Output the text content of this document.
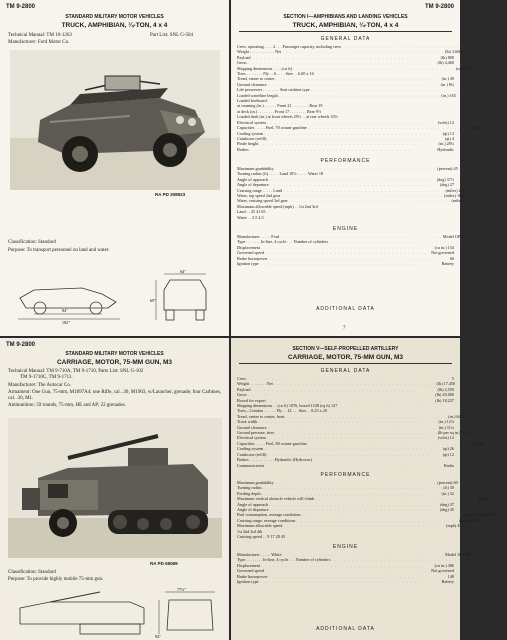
TM 9-2800
STANDARD MILITARY MOTOR VEHICLES
TRUCK, AMPHIBIAN, ¼-TON, 4 x 4
Technical Manual: TM 10-1263	Part List: SNL G-504
Manufacturer: Ford Motor Co.
RA PD 308923
Classification: Standard
Purpose: To transport personnel on land and water.
84"
182"
64"
69"
TM 9-2800
SECTION I—AMPHIBIANS AND LANDING VEHICLES
TRUCK, AMPHIBIAN, ¼-TON, 4 x 4
GENERAL DATA
Crew, operating . . . . 2 . . . Passenger capacity, including crew . . . . . . . . . . . . . . . . . . . . . . . . . . . . . . . . . . . . . . . . 5
Weight . . . . . . . . . . . . Net . . . . . . . . . . . . . . . . . . . . . . . . . . . . . . . . . . . . . . . . (lb) 3,660
Payload . . . . . . . . . . . . . . . . . . . . . . . . . . . . . . . . . . . . . . . .	(lb) 800
Gross . . . . . . . . . . . . . . . . . . . . . . . . . . . . . . . . . . . . . . . .	(lb) 4,460
Shipping dimensions . . . . (cu ft) . . . . . . . . . . . . . . . . . . . . . . . . . . . . . . . . . . . . . . . . (sq ft) 81
Tires . . . . . . . . Ply . . 6 . . . . Size . . 6.00 x 16
Tread, center to center . . . . . . . . . . . . . . . . . . . . . . . . . . . . . . . . . . . . . . . .	(in.) 49
Ground clearance . . . . . . . . . . . . . . . . . . . . . . . . . . . . . . . . . . . . . . . .	(in.) 8¾
Life preservers . . . . . . . . Seat cushion type . . . . . . . . . . . . . . . . . . . . . . . . . . . . . . . . . . . . . . . . 5
Loaded waterline length . . . . . . . . . . . . . . . . . . . . . . . . . . . . . . . . . . . . . . . . (in.) 165
Loaded freeboard:
at coaming (in.) . . . . . . Front 21 . . . . . . . . Rear 19
at deck (in.) . . . . . . . . Front 17 . . . . . . . . Rear 9½
Loaded draft (in.) at front wheels 29½ . . at rear wheels 33½
Electrical system . . . . . . . . . . . . . . . . . . . . . . . . . . . . . . . . . . . . . . . .	(volts) 12
Capacities . . . . . Fuel, 70 octane gasoline . . . . . . . . . . . . . . . . . . . . . . . . . . . . . . . . . . . . . . . . (gal) 15
Cooling system . . . . . . . . . . . . . . . . . . . . . . . . . . . . . . . . . . . . . . . .	(qt) 13
Crankcase (refill) . . . . . . . . . . . . . . . . . . . . . . . . . . . . . . . . . . . . . . . .	(qt) 4
Pintle height . . . . . . . . . . . . . . . . . . . . . . . . . . . . . . . . . . . . . . . .	(in.) 28¼
Brakes . . . . . . . . . . . . . . . . . . . . . . . . . . . . . . . . . . . . . . . .	Hydraulic
PERFORMANCE
Maximum gradability . . . . . . . . . . . . . . . . . . . . . . . . . . . . . . . . . . . . . . . . (percent) 45
Turning radius (ft) . . . . . Land 18½ . . . . . Water 18
Angle of approach . . . . . . . . . . . . . . . . . . . . . . . . . . . . . . . . . . . . . . . .	(deg) 37½
Angle of departure . . . . . . . . . . . . . . . . . . . . . . . . . . . . . . . . . . . . . . . .	(deg) 27
Cruising range . . . . . Land . . . . . . . . . . . . . . . . . . . . . . . . . . . . . . . . . . . . . . . . (miles) 250
Water, top speed 2nd gear . . . . . . . . . . . . . . . . . . . . . . . . . . . . . . . . . . . . . . . . (miles) 18¾
Water, cruising speed 3rd gear . . . . . . . . . . . . . . . . . . . . . . . . . . . . . . . . . . . . . . . . (miles) 37
Maximum allowable speed (mph) . . 1st 2nd 3rd
Land . . 25 41 65
Water . . 3.5 4.5
ENGINE
Manufacturer . . . . . Ford . . . . . . . . . . . . . . . . . . . . . . . . . . . . . . . . . . . . . . . . Model GPW
Type . . . . . . . In-line, 4 cycle . . . Number of cylinders . . . . . . . . . . . . . . . . . . . . . . . . . . . . . . . . . . . . . . . . 4
Displacement . . . . . . . . . . . . . . . . . . . . . . . . . . . . . . . . . . . . . . . .	(cu in.) 134
Governed speed . . . . . . . . . . . . . . . . . . . . . . . . . . . . . . . . . . . . . . . .	Not governed
Brake horsepower . . . . . . . . . . . . . . . . . . . . . . . . . . . . . . . . . . . . . . . .	60
Ignition type . . . . . . . . . . . . . . . . . . . . . . . . . . . . . . . . . . . . . . . .	Battery
ADDITIONAL DATA
7
TM 9-2800
STANDARD MILITARY MOTOR VEHICLES
CARRIAGE, MOTOR, 75-MM GUN, M3
Technical Manual: TM 9-710A, TM 9-1710, Parts List: SNL G-102
TM 9-1710C, TM 9-1711.
Manufacturer: The Autocar Co.
Armament: One Gun, 75-mm, M1897A4; one Rifle, cal. .30, M1903, w/Launcher, grenade; four Carbines, cal. .30, M1.
Ammunition: 59 rounds, 75-mm, HE and AP; 22 grenades.
RA PD 66069
Classification: Standard
Purpose: To provide highly mobile 75-mm gun.
77½"
94"
SECTION V—SELF-PROPELLED ARTILLERY
CARRIAGE, MOTOR, 75-MM GUN, M3
GENERAL DATA
Crew . . . . . . . . . . . . . . . . . . . . . . . . . . . . . . . . . . . . . . . .	5
Weight . . . . . . . . Net . . . . . . . . . . . . . . . . . . . . . . . . . . . . . . . . . . . . . . . . (lb) 17,450
Payload . . . . . . . . . . . . . . . . . . . . . . . . . . . . . . . . . . . . . . . .	(lb) 2,550
Gross . . . . . . . . . . . . . . . . . . . . . . . . . . . . . . . . . . . . . . . .	(lb) 20,000
Boxed for export . . . . . . . . . . . . . . . . . . . . . . . . . . . . . . . . . . . . . . . .	(lb) 18,237
Shipping dimensions . . (cu ft) 1076, boxed 1108 (sq ft) 127
Tires—Combat . . . . . . Ply . . 12 . . . Size . . 8.25 x 20
Tread, center to center, front . . . . . . . . . . . . . . . . . . . . . . . . . . . . . . . . . . . . . . . . (in.) 64½
Track width . . . . . . . . . . . . . . . . . . . . . . . . . . . . . . . . . . . . . . . .	(in.) 12⅛
Ground clearance . . . . . . . . . . . . . . . . . . . . . . . . . . . . . . . . . . . . . . . .	(in.) 11¼
Ground pressure, tires . . . . . . . . . . . . . . . . . . . . . . . . . . . . . . . . . . . . . . . . (lb per sq in.) 33.5
Electrical system . . . . . . . . . . . . . . . . . . . . . . . . . . . . . . . . . . . . . . . .	(volts) 12
Capacities . . . . . Fuel, 80 octane gasoline . . . . . . . . . . . . . . . . . . . . . . . . . . . . . . . . . . . . . . . . (gal) 60
Cooling system . . . . . . . . . . . . . . . . . . . . . . . . . . . . . . . . . . . . . . . .	(qt) 26
Crankcase (refill) . . . . . . . . . . . . . . . . . . . . . . . . . . . . . . . . . . . . . . . .	(qt) 12
Brakes . . . . . . . . . . . . Hydraulic (Hydrovac)
Communication . . . . . . . . . . . . . . . . . . . . . . . . . . . . . . . . . . . . . . . .	Radio
PERFORMANCE
Maximum gradability . . . . . . . . . . . . . . . . . . . . . . . . . . . . . . . . . . . . . . . . (percent) 60
Turning radius . . . . . . . . . . . . . . . . . . . . . . . . . . . . . . . . . . . . . . . .	(ft) 30
Fording depth . . . . . . . . . . . . . . . . . . . . . . . . . . . . . . . . . . . . . . . .	(in.) 32
Maximum vertical obstacle vehicle will climb . . . . . . . . . . . . . . . . . . . . . . . . . . . . . . . . . . . . . . . . (in.) 12
Angle of approach . . . . . . . . . . . . . . . . . . . . . . . . . . . . . . . . . . . . . . . .	(deg) 37
Angle of departure . . . . . . . . . . . . . . . . . . . . . . . . . . . . . . . . . . . . . . . .	(deg) 45
Fuel consumption, average conditions . . . . . . . . . . . . . . . . . . . . . . . . . . . . . . . . . . . . . . . . (miles per gal) 3.5
Cruising range, average conditions . . . . . . . . . . . . . . . . . . . . . . . . . . . . . . . . . . . . . . . . (miles) 200
Maximum allowable speed . . . . . . . . . . . . . . . . . . . . . . . . . . . . . . . . . . . . . . . . (mph) 45
1st 2nd 3rd 4th
Cruising speed . . 9 17 28 45
ENGINE
Manufacturer . . . . . White . . . . . . . . . . . . . . . . . . . . . . . . . . . . . . . . . . . . . . . . Model 160 AX
Type . . . . . . . . In-line, 4 cycle . . . Number of cylinders . . . . . . . . . . . . . . . . . . . . . . . . . . . . . . . . . . . . . . . . 6
Displacement . . . . . . . . . . . . . . . . . . . . . . . . . . . . . . . . . . . . . . . .	(cu in.) 386
Governed speed . . . . . . . . . . . . . . . . . . . . . . . . . . . . . . . . . . . . . . . .	Not governed
Brake horsepower . . . . . . . . . . . . . . . . . . . . . . . . . . . . . . . . . . . . . . . .	148
Ignition type . . . . . . . . . . . . . . . . . . . . . . . . . . . . . . . . . . . . . . . .	Battery
ADDITIONAL DATA
